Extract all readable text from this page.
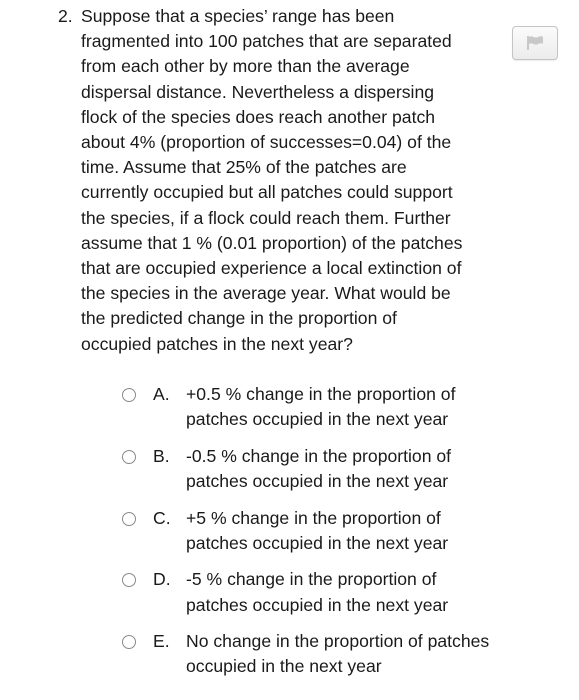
2. Suppose that a species’ range has been
fragmented into 100 patches that are separated
from each other by more than the average
dispersal distance. Nevertheless a dispersing
flock of the species does reach another patch
about 4% (proportion of successes=0.04) of the
time. Assume that 25% of the patches are
currently occupied but all patches could support
the species, if a flock could reach them. Further
assume that 1 % (0.01 proportion) of the patches
that are occupied experience a local extinction of
the species in the average year. What would be
the predicted change in the proportion of
occupied patches in the next year?
A. +0.5 % change in the proportion of
patches occupied in the next year
B. -0.5 % change in the proportion of
patches occupied in the next year
C. +5 % change in the proportion of
patches occupied in the next year
D. -5 % change in the proportion of
patches occupied in the next year
E. No change in the proportion of patches
occupied in the next year
